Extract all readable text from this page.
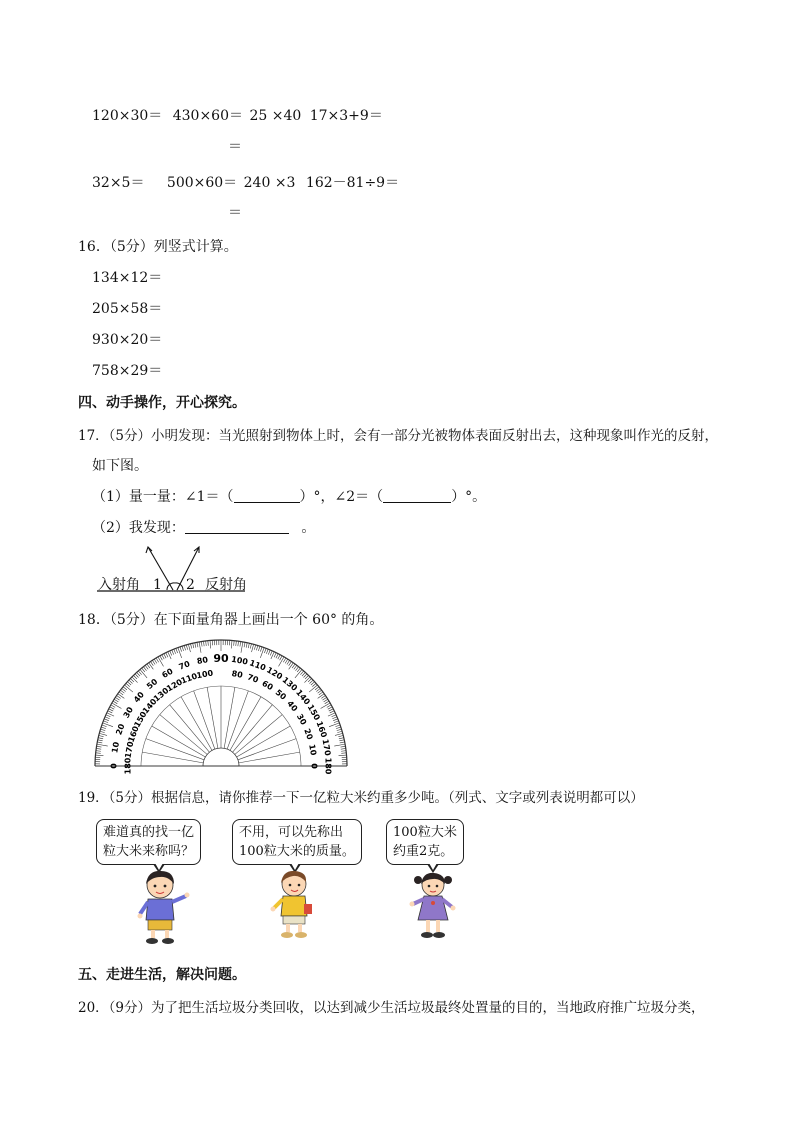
120×30＝ 430×60＝ 25 ×40 17×3+9＝
＝
32×5＝ 500×60＝ 240 ×3 162－81÷9＝
＝
16．（5分）列竖式计算。
134×12＝
205×58＝
930×20＝
758×29＝
四、动手操作，开心探究。
17．（5分）小明发现：当光照射到物体上时，会有一部分光被物体表面反射出去，这种现象叫作光的反射，
如下图。
（1）量一量：∠1＝（	）°，∠2＝（	）°。
（2）我发现：	。
入射角 1 2 反射角
18．（5分）在下面量角器上画出一个 60° 的角。
0
10
20
30
40
50
60
70 80 90 100 110
120
130
140
150
160
170
180
180
170
160
150
140
130
120
110
100 80 70
60
50
40
30
20
10
0
19．（5分）根据信息，请你推荐一下一亿粒大米约重多少吨。（列式、文字或列表说明都可以）
难道真的找一亿
粒大米来称吗？
不用，可以先称出
100粒大米的质量。
100粒大米
约重2克。
五、走进生活，解决问题。
20．（9分）为了把生活垃圾分类回收，以达到减少生活垃圾最终处置量的目的，当地政府推广垃圾分类，
